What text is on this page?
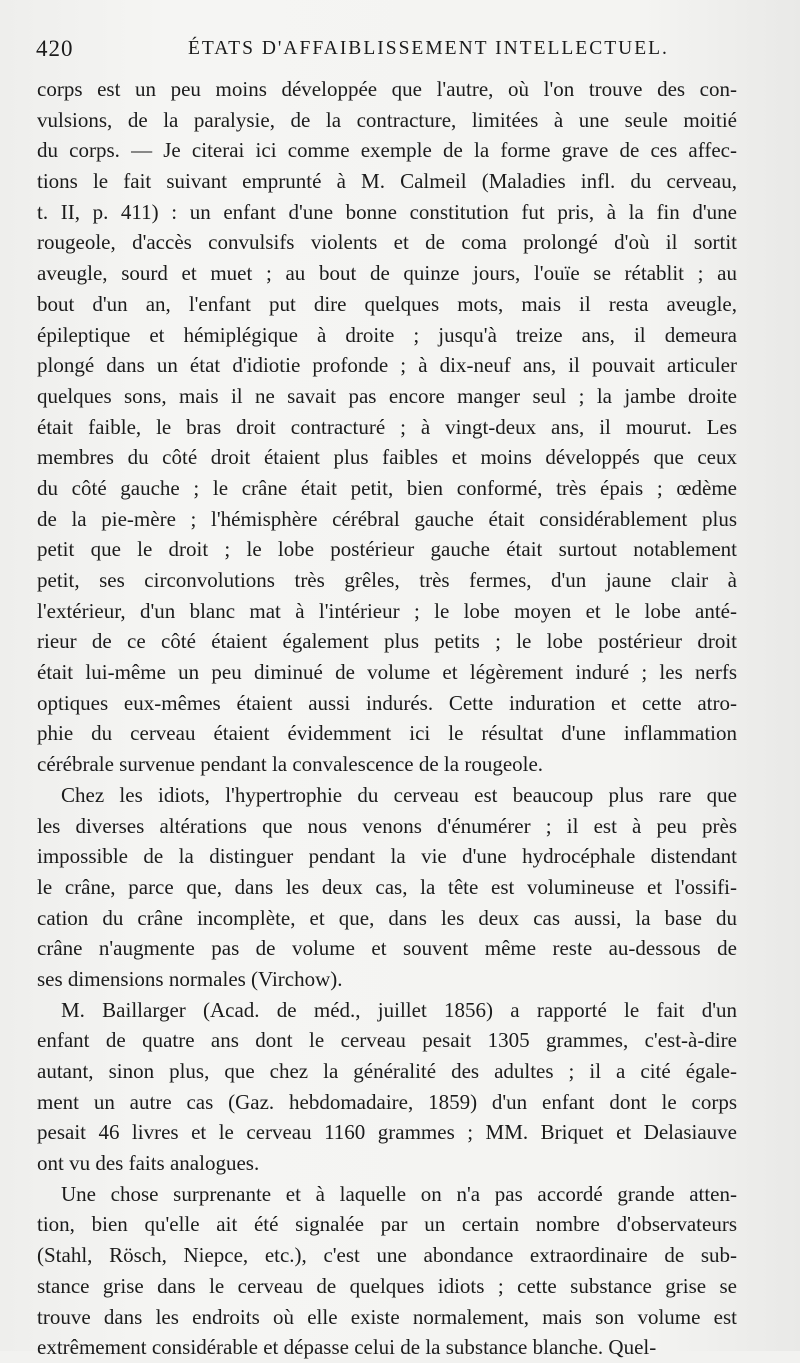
420	ÉTATS D'AFFAIBLISSEMENT INTELLECTUEL.
corps est un peu moins développée que l'autre, où l'on trouve des con-
vulsions, de la paralysie, de la contracture, limitées à une seule moitié
du corps. — Je citerai ici comme exemple de la forme grave de ces affec-
tions le fait suivant emprunté à M. Calmeil (Maladies infl. du cerveau,
t. II, p. 411) : un enfant d'une bonne constitution fut pris, à la fin d'une
rougeole, d'accès convulsifs violents et de coma prolongé d'où il sortit
aveugle, sourd et muet ; au bout de quinze jours, l'ouïe se rétablit ; au
bout d'un an, l'enfant put dire quelques mots, mais il resta aveugle,
épileptique et hémiplégique à droite ; jusqu'à treize ans, il demeura
plongé dans un état d'idiotie profonde ; à dix-neuf ans, il pouvait articuler
quelques sons, mais il ne savait pas encore manger seul ; la jambe droite
était faible, le bras droit contracturé ; à vingt-deux ans, il mourut. Les
membres du côté droit étaient plus faibles et moins développés que ceux
du côté gauche ; le crâne était petit, bien conformé, très épais ; œdème
de la pie-mère ; l'hémisphère cérébral gauche était considérablement plus
petit que le droit ; le lobe postérieur gauche était surtout notablement
petit, ses circonvolutions très grêles, très fermes, d'un jaune clair à
l'extérieur, d'un blanc mat à l'intérieur ; le lobe moyen et le lobe anté-
rieur de ce côté étaient également plus petits ; le lobe postérieur droit
était lui-même un peu diminué de volume et légèrement induré ; les nerfs
optiques eux-mêmes étaient aussi indurés. Cette induration et cette atro-
phie du cerveau étaient évidemment ici le résultat d'une inflammation
cérébrale survenue pendant la convalescence de la rougeole.
Chez les idiots, l'hypertrophie du cerveau est beaucoup plus rare que
les diverses altérations que nous venons d'énumérer ; il est à peu près
impossible de la distinguer pendant la vie d'une hydrocéphale distendant
le crâne, parce que, dans les deux cas, la tête est volumineuse et l'ossifi-
cation du crâne incomplète, et que, dans les deux cas aussi, la base du
crâne n'augmente pas de volume et souvent même reste au-dessous de
ses dimensions normales (Virchow).
M. Baillarger (Acad. de méd., juillet 1856) a rapporté le fait d'un
enfant de quatre ans dont le cerveau pesait 1305 grammes, c'est-à-dire
autant, sinon plus, que chez la généralité des adultes ; il a cité égale-
ment un autre cas (Gaz. hebdomadaire, 1859) d'un enfant dont le corps
pesait 46 livres et le cerveau 1160 grammes ; MM. Briquet et Delasiauve
ont vu des faits analogues.
Une chose surprenante et à laquelle on n'a pas accordé grande atten-
tion, bien qu'elle ait été signalée par un certain nombre d'observateurs
(Stahl, Rösch, Niepce, etc.), c'est une abondance extraordinaire de sub-
stance grise dans le cerveau de quelques idiots ; cette substance grise se
trouve dans les endroits où elle existe normalement, mais son volume est
extrêmement considérable et dépasse celui de la substance blanche. Quel-
